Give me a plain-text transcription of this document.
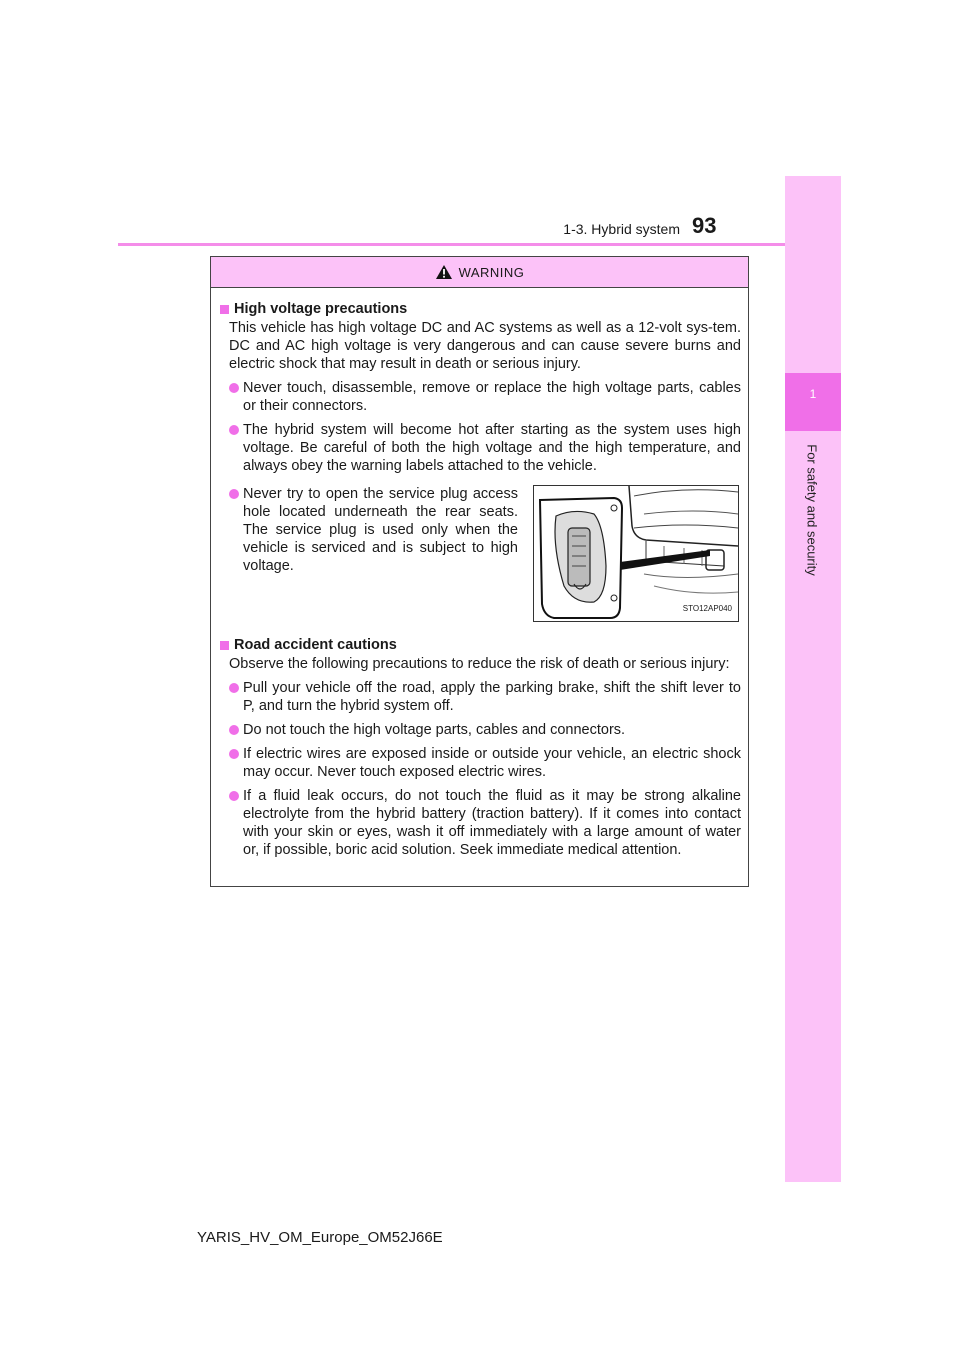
1
For safety and security
1-3. Hybrid system 93
WARNING
High voltage precautions
This vehicle has high voltage DC and AC systems as well as a 12-volt sys-tem. DC and AC high voltage is very dangerous and can cause severe burns and electric shock that may result in death or serious injury.
Never touch, disassemble, remove or replace the high voltage parts, cables or their connectors.
The hybrid system will become hot after starting as the system uses high voltage. Be careful of both the high voltage and the high temperature, and always obey the warning labels attached to the vehicle.
Never try to open the service plug access hole located underneath the rear seats. The service plug is used only when the vehicle is serviced and is subject to high voltage.
STO12AP040
Road accident cautions
Observe the following precautions to reduce the risk of death or serious injury:
Pull your vehicle off the road, apply the parking brake, shift the shift lever to P, and turn the hybrid system off.
Do not touch the high voltage parts, cables and connectors.
If electric wires are exposed inside or outside your vehicle, an electric shock may occur. Never touch exposed electric wires.
If a fluid leak occurs, do not touch the fluid as it may be strong alkaline electrolyte from the hybrid battery (traction battery). If it comes into contact with your skin or eyes, wash it off immediately with a large amount of water or, if possible, boric acid solution. Seek immediate medical attention.
YARIS_HV_OM_Europe_OM52J66E
